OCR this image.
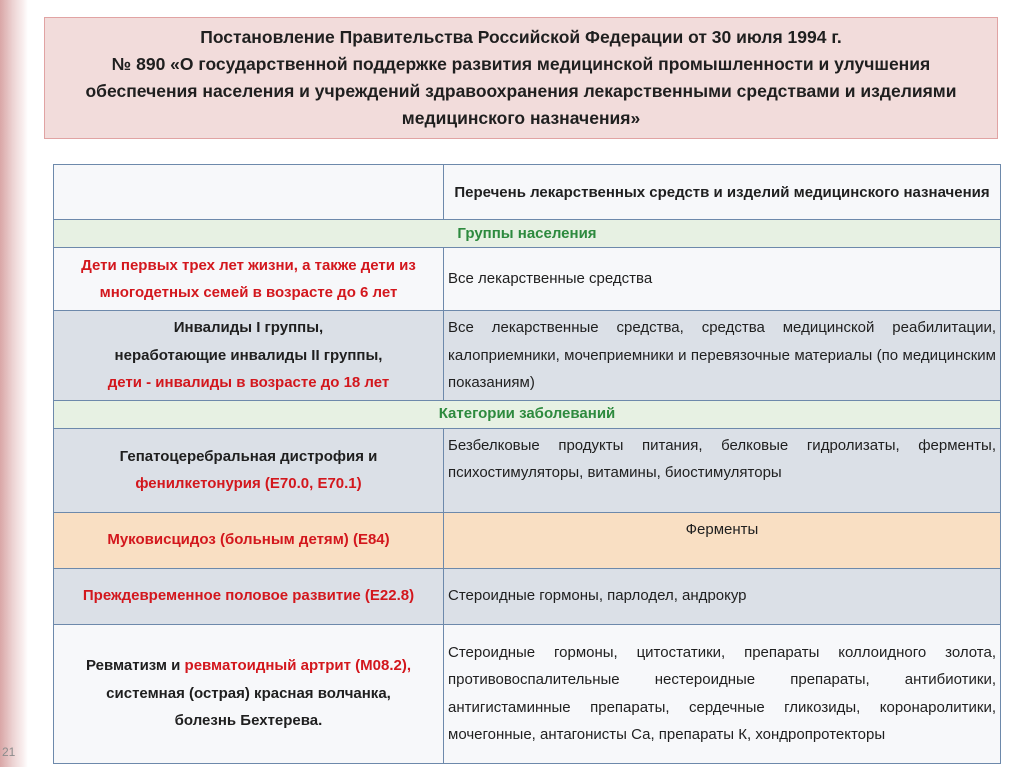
21
Постановление Правительства Российской Федерации от 30 июля 1994 г.
№ 890 «О государственной поддержке развития медицинской промышленности и улучшения обеспечения населения и учреждений здравоохранения лекарственными средствами и изделиями медицинского назначения»
	Перечень лекарственных средств и изделий медицинского назначения
Группы населения	
Дети первых трех лет жизни, а также дети из многодетных семей в возрасте до 6 лет	Все лекарственные средства

Инвалиды I группы,
неработающие инвалиды II группы,
дети - инвалиды в возрасте до 18 лет	Все лекарственные средства, средства медицинской реабилитации, калоприемники, мочеприемники и перевязочные материалы (по медицинским показаниям)
Категории заболеваний	

Гепатоцеребральная дистрофия и
фенилкетонурия (Е70.0, Е70.1)	Безбелковые продукты питания, белковые гидролизаты, ферменты, психостимуляторы, витамины, биостимуляторы
Муковисцидоз (больным детям) (Е84)	Ферменты
Преждевременное половое развитие (Е22.8)	Стероидные гормоны, парлодел, андрокур
Ревматизм и ревматоидный артрит (М08.2), системная (острая) красная волчанка, болезнь Бехтерева.	Стероидные гормоны, цитостатики, препараты коллоидного золота, противовоспалительные нестероидные препараты, антибиотики, антигистаминные препараты, сердечные гликозиды, коронаролитики, мочегонные, антагонисты Са, препараты К, хондропротекторы
